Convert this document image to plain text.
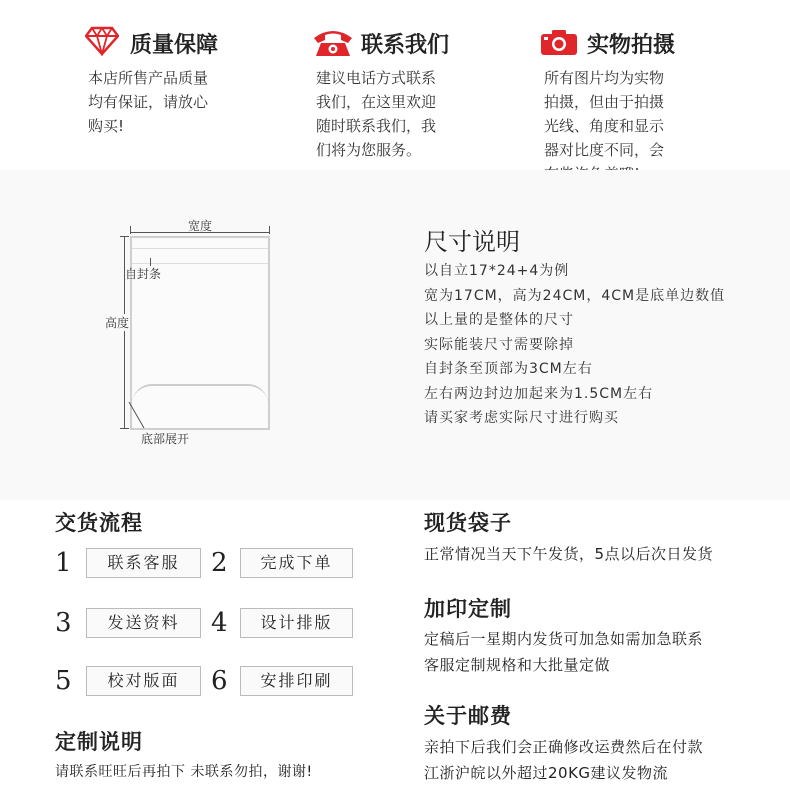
质量保障
本店所售产品质量
均有保证，请放心
购买!
联系我们
建议电话方式联系
我们，在这里欢迎
随时联系我们，我
们将为您服务。
实物拍摄
所有图片均为实物
拍摄，但由于拍摄
光线、角度和显示
器对比度不同，会
宽度
高度
自封条
底部展开
尺寸说明
以自立17*24+4为例
宽为17CM，高为24CM，4CM是底单边数值
以上量的是整体的尺寸
实际能装尺寸需要除掉
自封条至顶部为3CM左右
左右两边封边加起来为1.5CM左右
请买家考虑实际尺寸进行购买
交货流程
1	联系客服	2	完成下单
3	发送资料	4	设计排版
5	校对版面	6	安排印刷
定制说明
请联系旺旺后再拍下 未联系勿拍，谢谢!
现货袋子
正常情况当天下午发货，5点以后次日发货
加印定制
定稿后一星期内发货可加急如需加急联系
客服定制规格和大批量定做
关于邮费
亲拍下后我们会正确修改运费然后在付款
江浙沪皖以外超过20KG建议发物流
